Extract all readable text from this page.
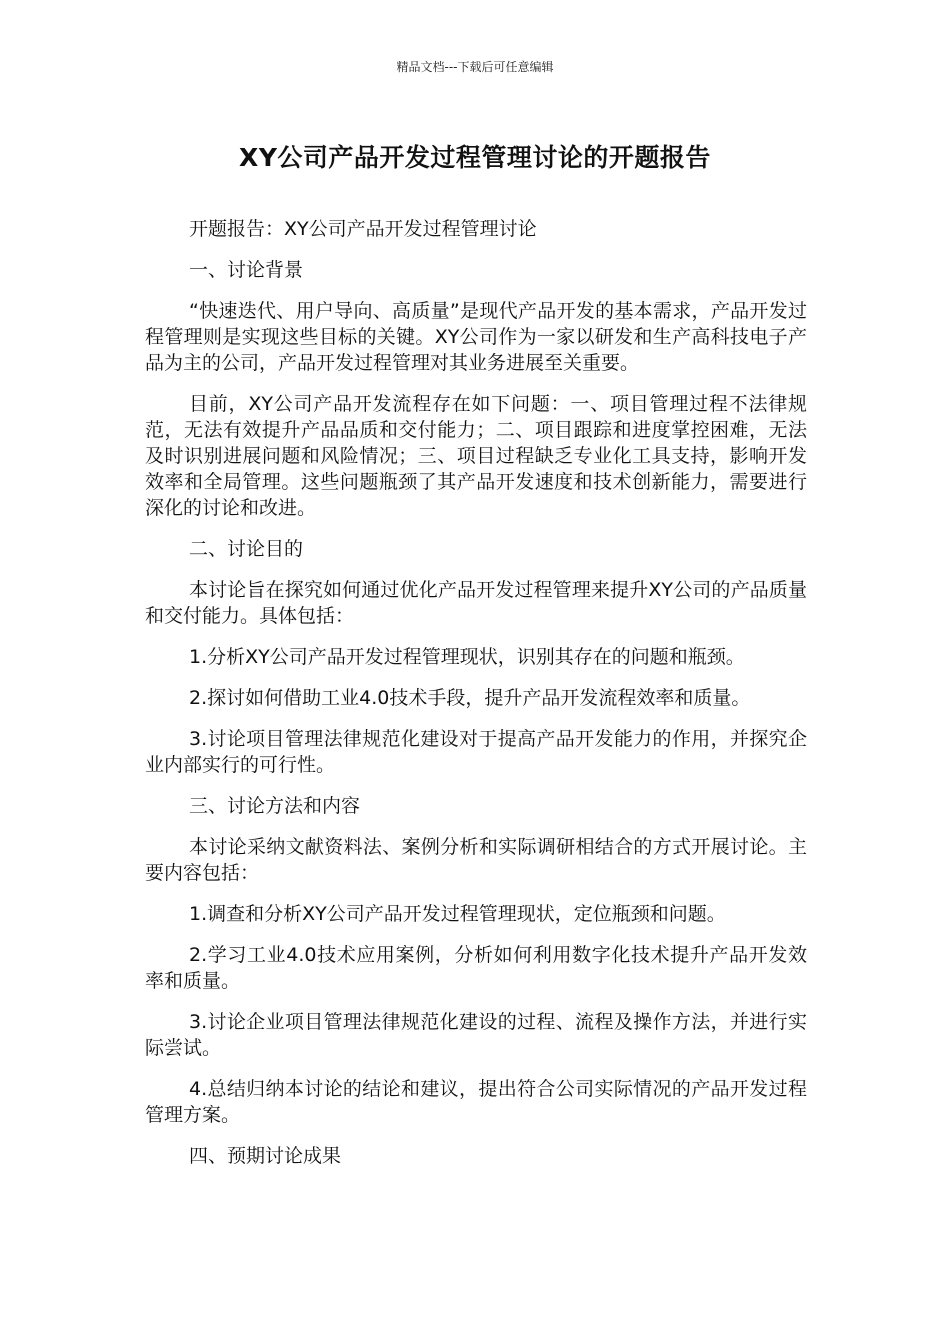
精品文档---下载后可任意编辑
XY公司产品开发过程管理讨论的开题报告

开题报告：XY公司产品开发过程管理讨论

一、讨论背景

“快速迭代、用户导向、高质量”是现代产品开发的基本需求，产品开发过程管理则是实现这些目标的关键。XY公司作为一家以研发和生产高科技电子产品为主的公司，产品开发过程管理对其业务进展至关重要。

目前，XY公司产品开发流程存在如下问题：一、项目管理过程不法律规范，无法有效提升产品品质和交付能力；二、项目跟踪和进度掌控困难，无法及时识别进展问题和风险情况；三、项目过程缺乏专业化工具支持，影响开发效率和全局管理。这些问题瓶颈了其产品开发速度和技术创新能力，需要进行深化的讨论和改进。

二、讨论目的

本讨论旨在探究如何通过优化产品开发过程管理来提升XY公司的产品质量和交付能力。具体包括：

1.分析XY公司产品开发过程管理现状，识别其存在的问题和瓶颈。

2.探讨如何借助工业4.0技术手段，提升产品开发流程效率和质量。

3.讨论项目管理法律规范化建设对于提高产品开发能力的作用，并探究企业内部实行的可行性。

三、讨论方法和内容

本讨论采纳文献资料法、案例分析和实际调研相结合的方式开展讨论。主要内容包括：

1.调查和分析XY公司产品开发过程管理现状，定位瓶颈和问题。

2.学习工业4.0技术应用案例，分析如何利用数字化技术提升产品开发效率和质量。

3.讨论企业项目管理法律规范化建设的过程、流程及操作方法，并进行实际尝试。

4.总结归纳本讨论的结论和建议，提出符合公司实际情况的产品开发过程管理方案。

四、预期讨论成果
